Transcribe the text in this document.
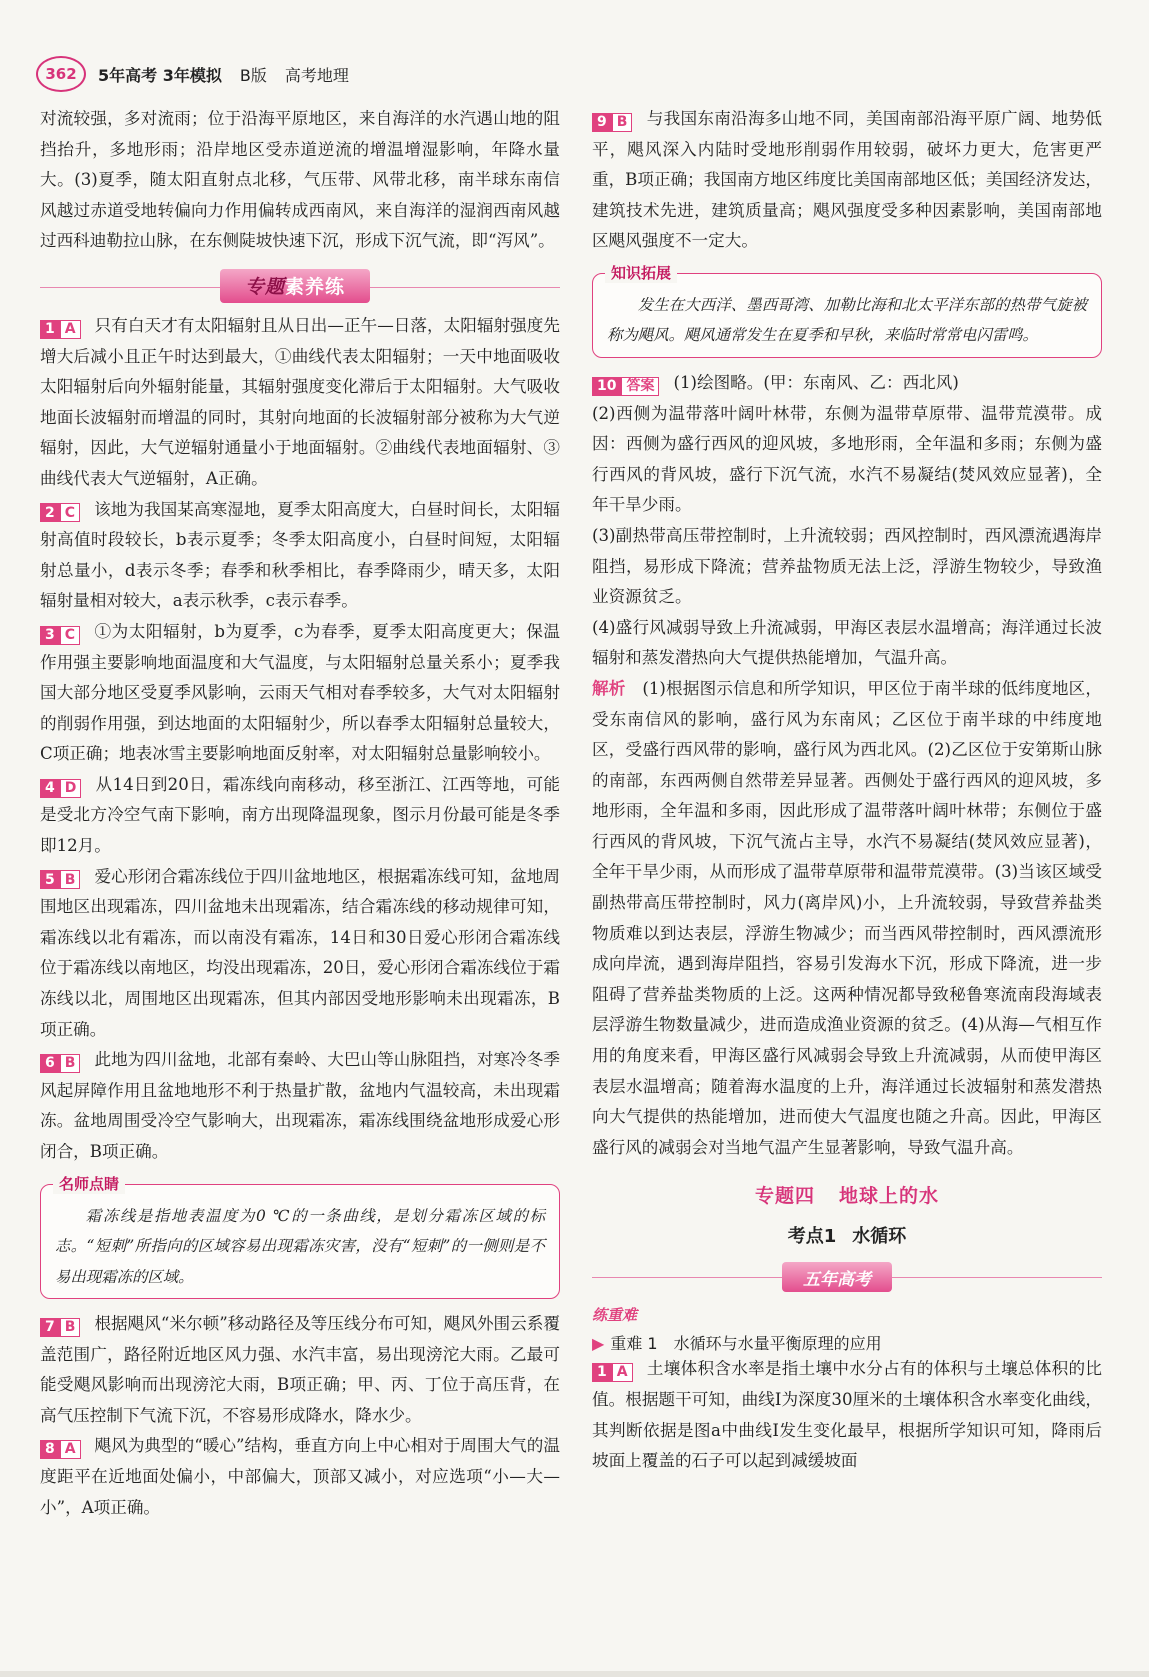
362	5年高考 3年模拟 B版 高考地理

对流较强，多对流雨；位于沿海平原地区，来自海洋的水汽遇山地的阻挡抬升，多地形雨；沿岸地区受赤道逆流的增温增湿影响，年降水量大。(3)夏季，随太阳直射点北移，气压带、风带北移，南半球东南信风越过赤道受地转偏向力作用偏转成西南风，来自海洋的湿润西南风越过西科迪勒拉山脉，在东侧陡坡快速下沉，形成下沉气流，即“泻风”。

专题 素养练

1 A	只有白天才有太阳辐射且从日出—正午—日落，太阳辐射强度先增大后减小且正午时达到最大，①曲线代表太阳辐射；一天中地面吸收太阳辐射后向外辐射能量，其辐射强度变化滞后于太阳辐射。大气吸收地面长波辐射而增温的同时，其射向地面的长波辐射部分被称为大气逆辐射，因此，大气逆辐射通量小于地面辐射。②曲线代表地面辐射、③曲线代表大气逆辐射，A正确。

2 C	该地为我国某高寒湿地，夏季太阳高度大，白昼时间长，太阳辐射高值时段较长，b表示夏季；冬季太阳高度小，白昼时间短，太阳辐射总量小，d表示冬季；春季和秋季相比，春季降雨少，晴天多，太阳辐射量相对较大，a表示秋季，c表示春季。

3 C	①为太阳辐射，b为夏季，c为春季，夏季太阳高度更大；保温作用强主要影响地面温度和大气温度，与太阳辐射总量关系小；夏季我国大部分地区受夏季风影响，云雨天气相对春季较多，大气对太阳辐射的削弱作用强，到达地面的太阳辐射少，所以春季太阳辐射总量较大，C项正确；地表冰雪主要影响地面反射率，对太阳辐射总量影响较小。

4 D	从14日到20日，霜冻线向南移动，移至浙江、江西等地，可能是受北方冷空气南下影响，南方出现降温现象，图示月份最可能是冬季即12月。

5 B	爱心形闭合霜冻线位于四川盆地地区，根据霜冻线可知，盆地周围地区出现霜冻，四川盆地未出现霜冻，结合霜冻线的移动规律可知，霜冻线以北有霜冻，而以南没有霜冻，14日和30日爱心形闭合霜冻线位于霜冻线以南地区，均没出现霜冻，20日，爱心形闭合霜冻线位于霜冻线以北，周围地区出现霜冻，但其内部因受地形影响未出现霜冻，B项正确。

6 B	此地为四川盆地，北部有秦岭、大巴山等山脉阻挡，对寒冷冬季风起屏障作用且盆地地形不利于热量扩散，盆地内气温较高，未出现霜冻。盆地周围受冷空气影响大，出现霜冻，霜冻线围绕盆地形成爱心形闭合，B项正确。

名师点睛

霜冻线是指地表温度为0 ℃的一条曲线，是划分霜冻区域的标志。“短刺”所指向的区域容易出现霜冻灾害，没有“短刺”的一侧则是不易出现霜冻的区域。

7 B	根据飓风“米尔顿”移动路径及等压线分布可知，飓风外围云系覆盖范围广，路径附近地区风力强、水汽丰富，易出现滂沱大雨。乙最可能受飓风影响而出现滂沱大雨，B项正确；甲、丙、丁位于高压背，在高气压控制下气流下沉，不容易形成降水，降水少。

8 A	飓风为典型的“暖心”结构，垂直方向上中心相对于周围大气的温度距平在近地面处偏小，中部偏大，顶部又减小，对应选项“小—大—小”，A项正确。

9 B	与我国东南沿海多山地不同，美国南部沿海平原广阔、地势低平，飓风深入内陆时受地形削弱作用较弱，破坏力更大，危害更严重，B项正确；我国南方地区纬度比美国南部地区低；美国经济发达，建筑技术先进，建筑质量高；飓风强度受多种因素影响，美国南部地区飓风强度不一定大。

知识拓展

发生在大西洋、墨西哥湾、加勒比海和北太平洋东部的热带气旋被称为飓风。飓风通常发生在夏季和早秋，来临时常常电闪雷鸣。

10 答案	(1)绘图略。(甲：东南风、乙：西北风)

(2)西侧为温带落叶阔叶林带，东侧为温带草原带、温带荒漠带。成因：西侧为盛行西风的迎风坡，多地形雨，全年温和多雨；东侧为盛行西风的背风坡，盛行下沉气流，水汽不易凝结(焚风效应显著)，全年干旱少雨。

(3)副热带高压带控制时，上升流较弱；西风控制时，西风漂流遇海岸阻挡，易形成下降流；营养盐物质无法上泛，浮游生物较少，导致渔业资源贫乏。

(4)盛行风减弱导致上升流减弱，甲海区表层水温增高；海洋通过长波辐射和蒸发潜热向大气提供热能增加，气温升高。

解析　 (1)根据图示信息和所学知识，甲区位于南半球的低纬度地区，受东南信风的影响，盛行风为东南风；乙区位于南半球的中纬度地区，受盛行西风带的影响，盛行风为西北风。(2)乙区位于安第斯山脉的南部，东西两侧自然带差异显著。西侧处于盛行西风的迎风坡，多地形雨，全年温和多雨，因此形成了温带落叶阔叶林带；东侧位于盛行西风的背风坡，下沉气流占主导，水汽不易凝结(焚风效应显著)，全年干旱少雨，从而形成了温带草原带和温带荒漠带。(3)当该区域受副热带高压带控制时，风力(离岸风)小，上升流较弱，导致营养盐类物质难以到达表层，浮游生物减少；而当西风带控制时，西风漂流形成向岸流，遇到海岸阻挡，容易引发海水下沉，形成下降流，进一步阻碍了营养盐类物质的上泛。这两种情况都导致秘鲁寒流南段海域表层浮游生物数量减少，进而造成渔业资源的贫乏。(4)从海—气相互作用的角度来看，甲海区盛行风减弱会导致上升流减弱，从而使甲海区表层水温增高；随着海水温度的上升，海洋通过长波辐射和蒸发潜热向大气提供的热能增加，进而使大气温度也随之升高。因此，甲海区盛行风的减弱会对当地气温产生显著影响，导致气温升高。

专题四 地球上的水
考点1 水循环
五年高考
练重难
▶ 重难 1　水循环与水量平衡原理的应用

1 A	土壤体积含水率是指土壤中水分占有的体积与土壤总体积的比值。根据题干可知，曲线Ⅰ为深度30厘米的土壤体积含水率变化曲线，其判断依据是图a中曲线Ⅰ发生变化最早，根据所学知识可知，降雨后坡面上覆盖的石子可以起到减缓坡面
